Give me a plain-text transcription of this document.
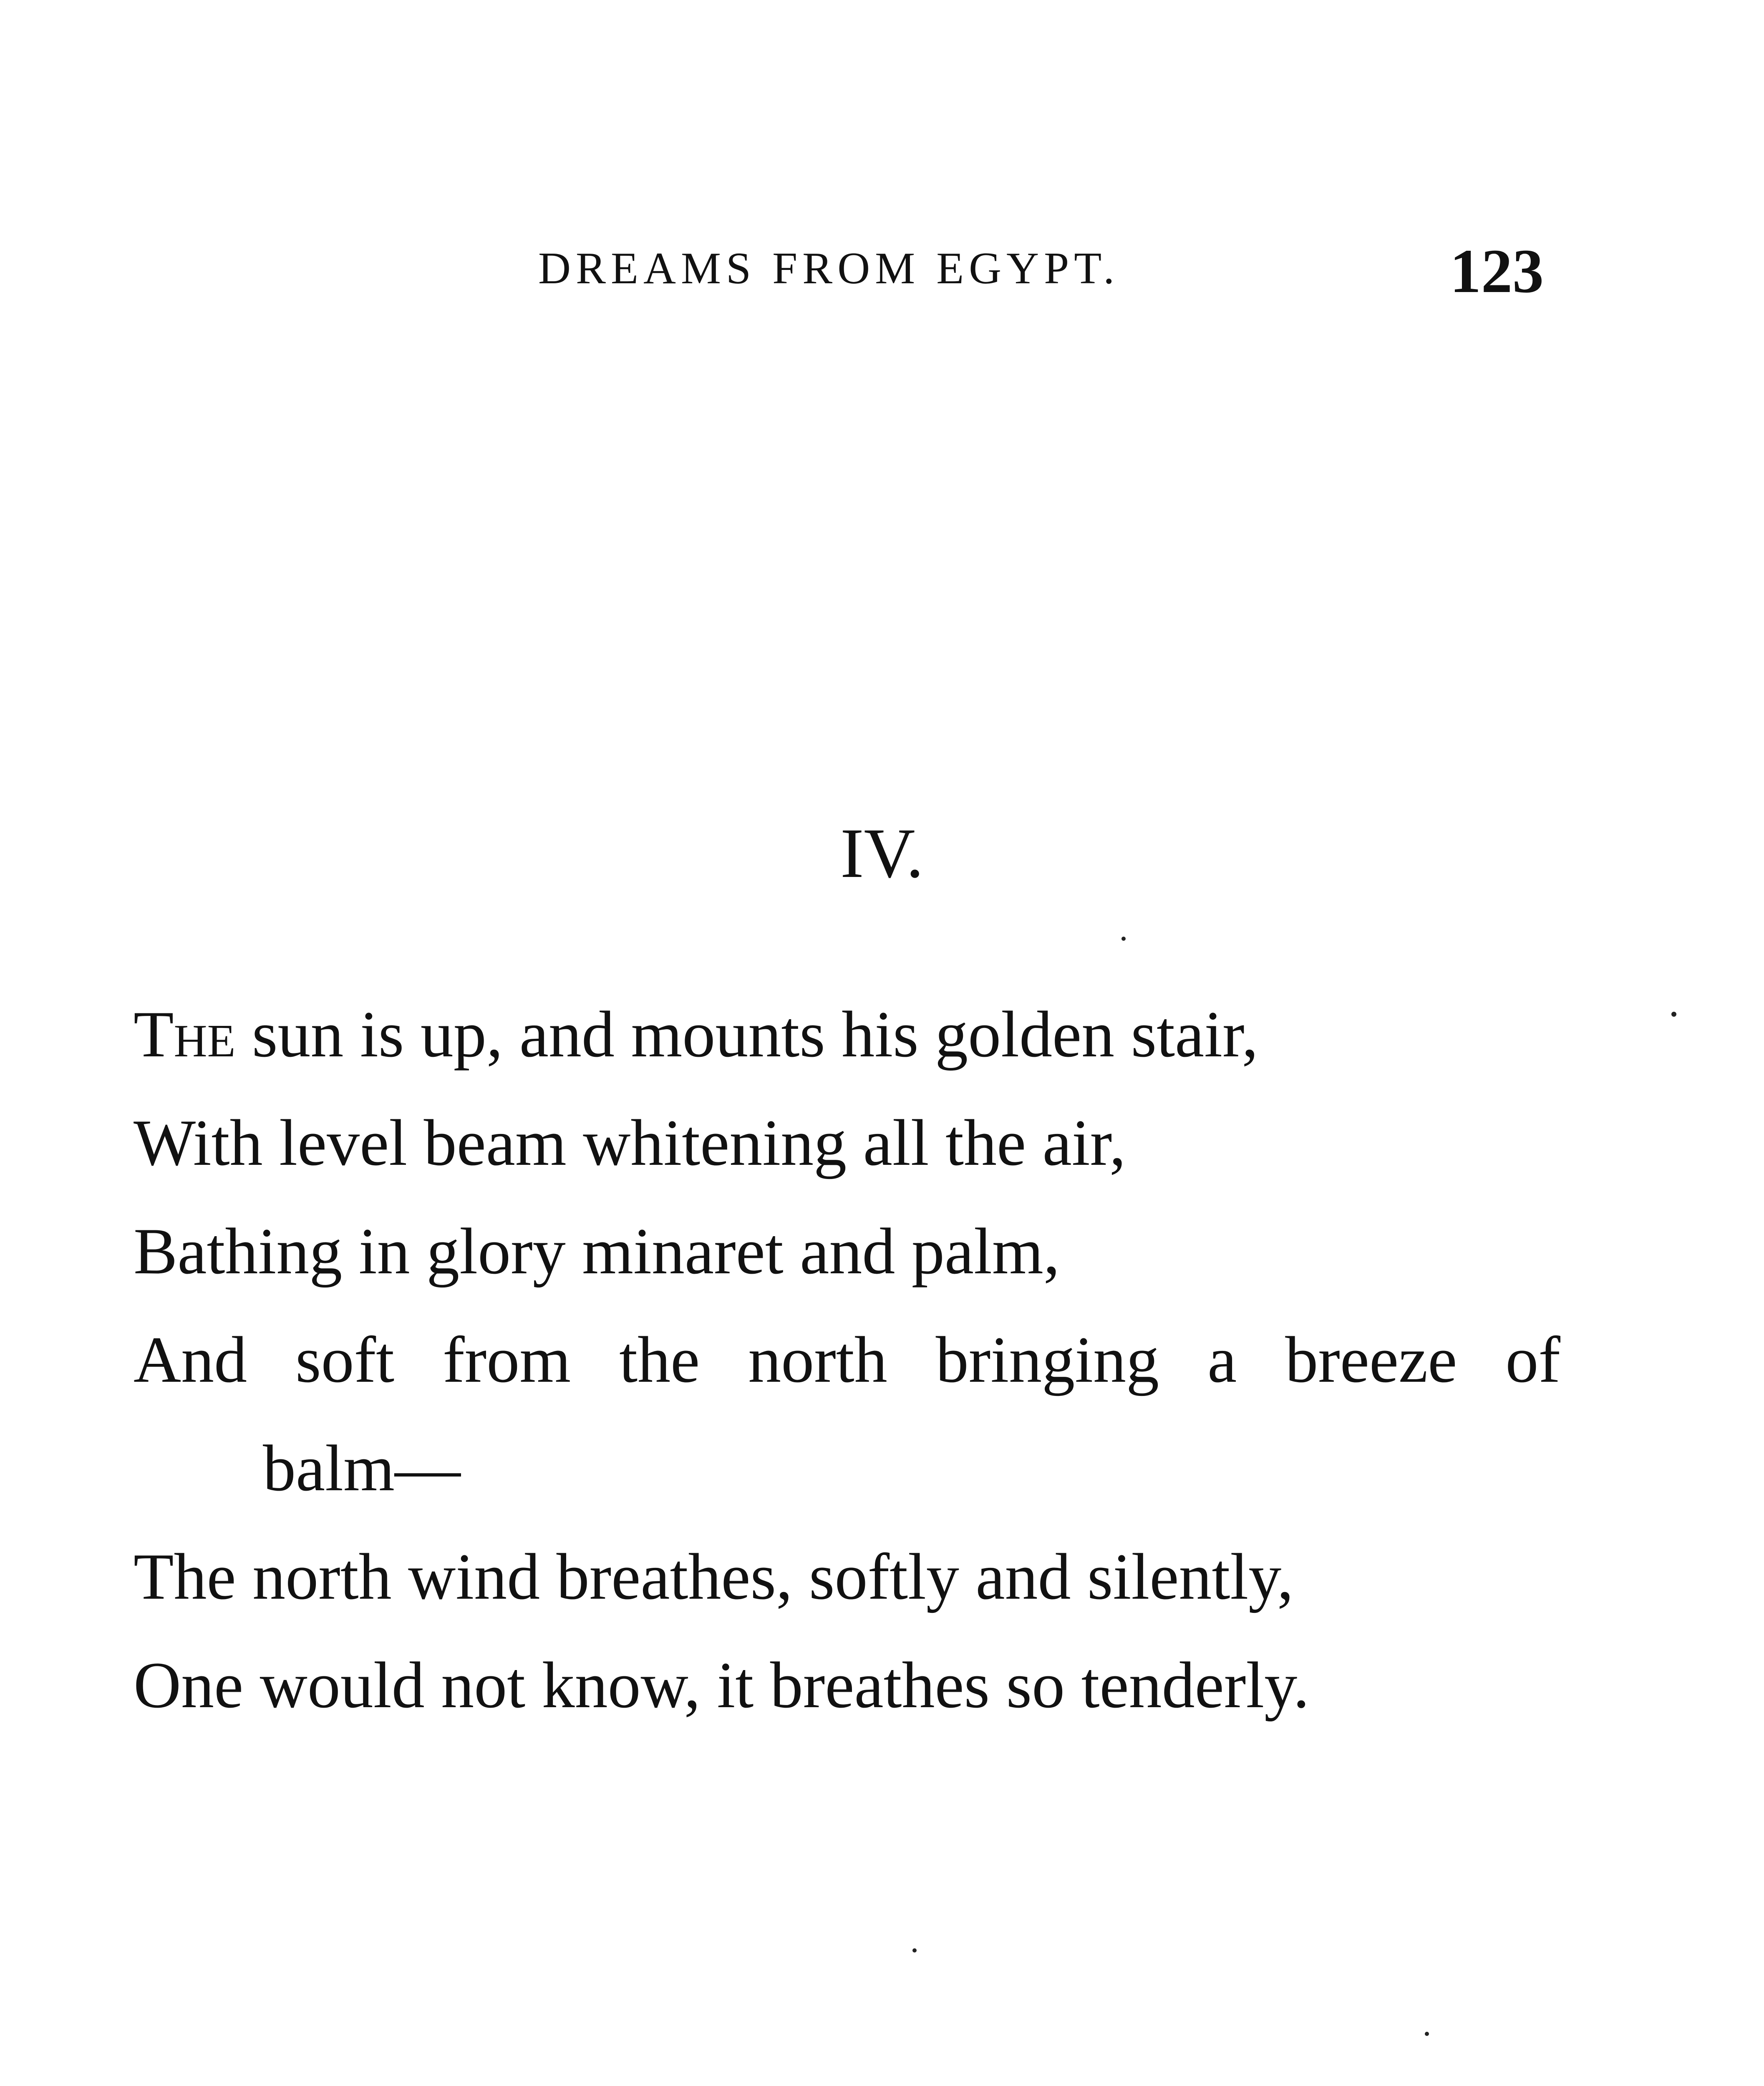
DREAMS FROM EGYPT.	123
IV.
The sun is up, and mounts his golden stair,
With level beam whitening all the air,
Bathing in glory minaret and palm,
And soft from the north bringing a breeze of
balm—
The north wind breathes, softly and silently,
One would not know, it breathes so tenderly.
